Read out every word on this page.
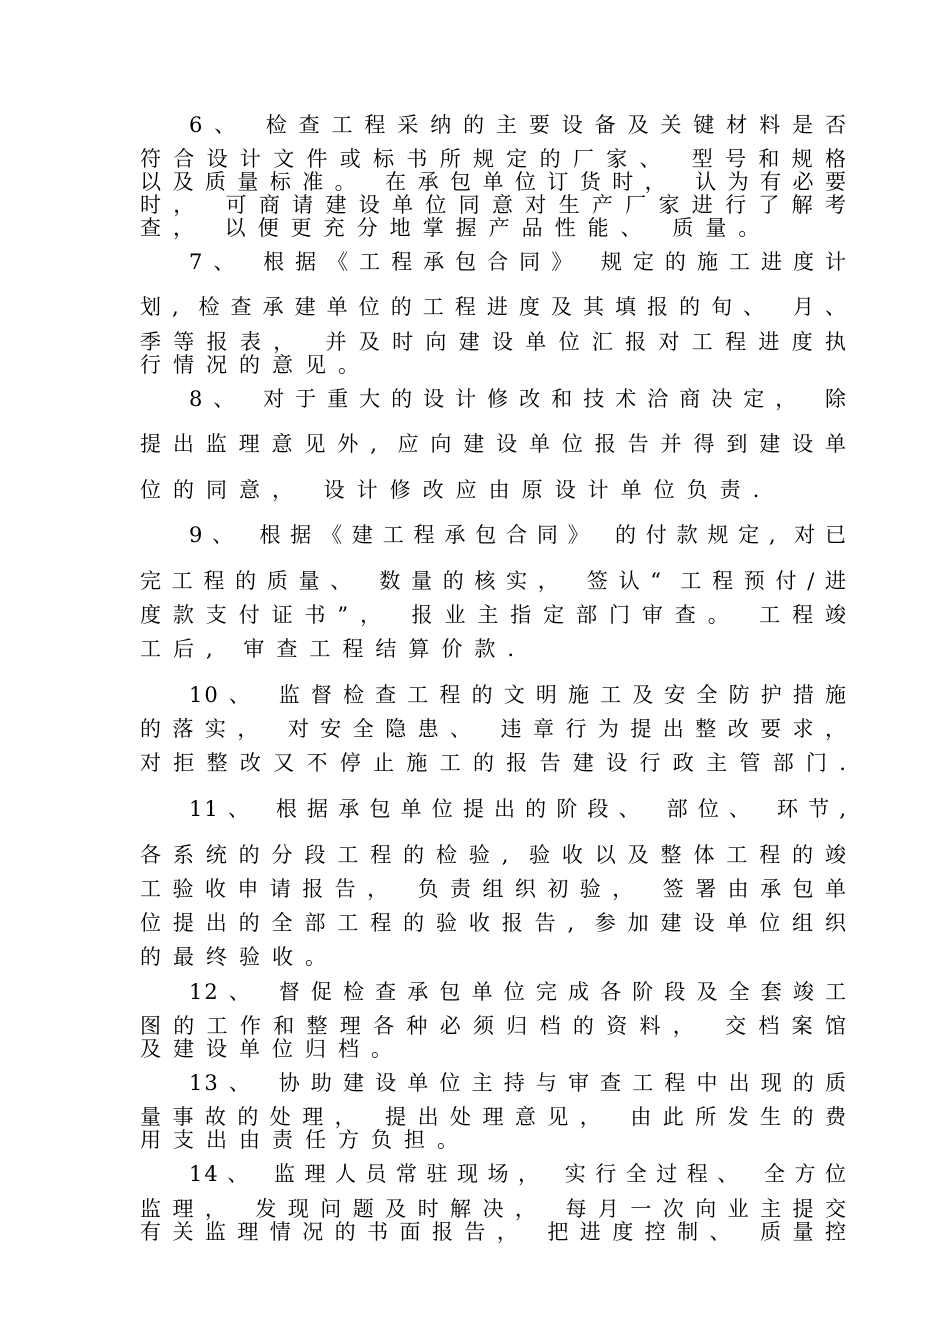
6、 检查工程采纳的主要设备及关键材料是否
符合设计文件或标书所规定的厂家、 型号和规格
以及质量标准。 在承包单位订货时， 认为有必要
时， 可商请建设单位同意对生产厂家进行了解考
查， 以便更充分地掌握产品性能、 质量。
7、 根据《工程承包合同》 规定的施工进度计
划, 检查承建单位的工程进度及其填报的旬、 月、
季等报表， 并及时向建设单位汇报对工程进度执
行情况的意见。
8、 对于重大的设计修改和技术洽商决定， 除
提出监理意见外, 应向建设单位报告并得到建设单
位的同意， 设计修改应由原设计单位负责.
9、 根据《建工程承包合同》 的付款规定, 对已
完工程的质量、 数量的核实， 签认“ 工程预付/进
度款支付证书”， 报业主指定部门审查。 工程竣
工后, 审查工程结算价款.
10、 监督检查工程的文明施工及安全防护措施
的落实， 对安全隐患、 违章行为提出整改要求，
对拒整改又不停止施工的报告建设行政主管部门.
11、 根据承包单位提出的阶段、 部位、 环节,
各系统的分段工程的检验, 验收以及整体工程的竣
工验收申请报告， 负责组织初验， 签署由承包单
位提出的全部工程的验收报告, 参加建设单位组织
的最终验收。
12、 督促检查承包单位完成各阶段及全套竣工
图的工作和整理各种必须归档的资料， 交档案馆
及建设单位归档。
13、 协助建设单位主持与审查工程中出现的质
量事故的处理， 提出处理意见， 由此所发生的费
用支出由责任方负担。
14、 监理人员常驻现场， 实行全过程、 全方位
监理， 发现问题及时解决， 每月一次向业主提交
有关监理情况的书面报告， 把进度控制、 质量控
